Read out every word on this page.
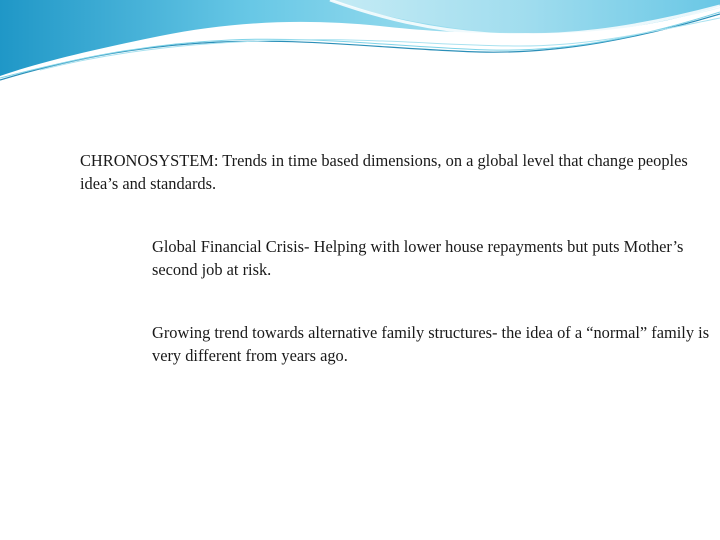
CHRONOSYSTEM: Trends in time based dimensions, on a global level that change peoples idea’s and standards.

Global Financial Crisis- Helping with lower house repayments but puts Mother’s second job at risk.

Growing trend towards alternative family structures- the idea of a “normal” family is very different from years ago.
